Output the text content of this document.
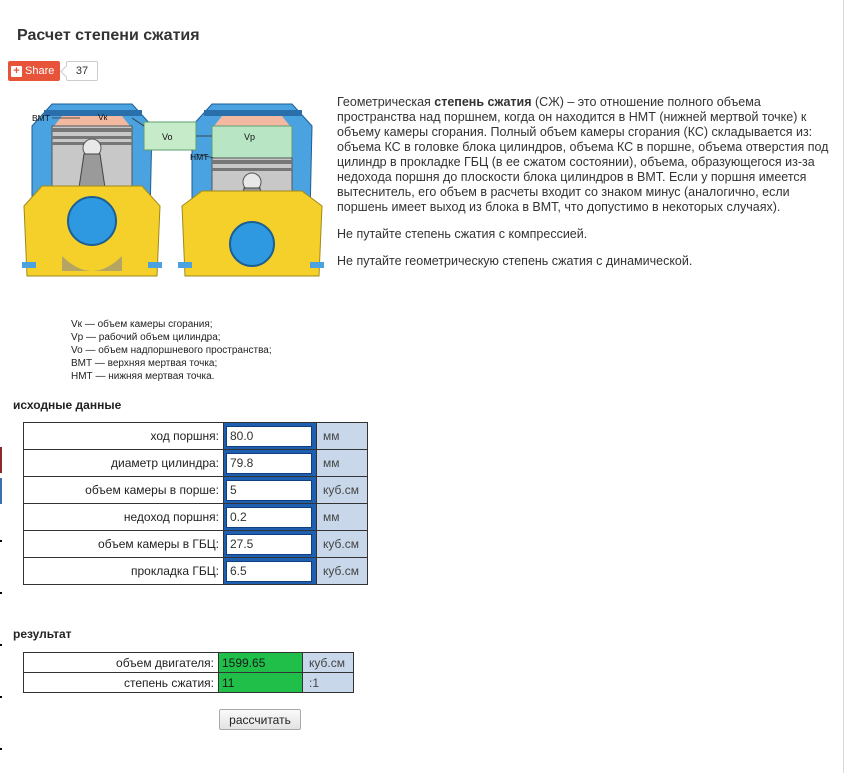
Расчет степени сжатия
+ Share	37
ВМТ	Vк
Vo	Vp
НМТ
Vк — объем камеры сгорания;
Vр — рабочий объем цилиндра;
Vo — объем надпоршневого пространства;
ВМТ — верхняя мертвая точка;
НМТ — нижняя мертвая точка.

Геометрическая степень сжатия (СЖ) – это отношение полного объема пространства над поршнем, когда он находится в НМТ (нижней мертвой точке) к объему камеры сгорания. Полный объем камеры сгорания (КС) складывается из: объема КС в головке блока цилиндров, объема КС в поршне, объема отверстия под цилиндр в прокладке ГБЦ (в ее сжатом состоянии), объема, образующегося из-за недохода поршня до плоскости блока цилиндров в ВМТ. Если у поршня имеется вытеснитель, его объем в расчеты входит со знаком минус (аналогично, если поршень имеет выход из блока в ВМТ, что допустимо в некоторых случаях).

Не путайте степень сжатия с компрессией.

Не путайте геометрическую степень сжатия с динамической.

исходные данные
ход поршня:	
80.0	мм
диаметр цилиндра:	
79.8	мм
объем камеры в порше:	
5	куб.см
недоход поршня:	
0.2	мм
объем камеры в ГБЦ:	
27.5	куб.см
прокладка ГБЦ:	
6.5	куб.см
результат
объем двигателя:	1599.65	куб.см
степень сжатия:	11	:1
рассчитать
